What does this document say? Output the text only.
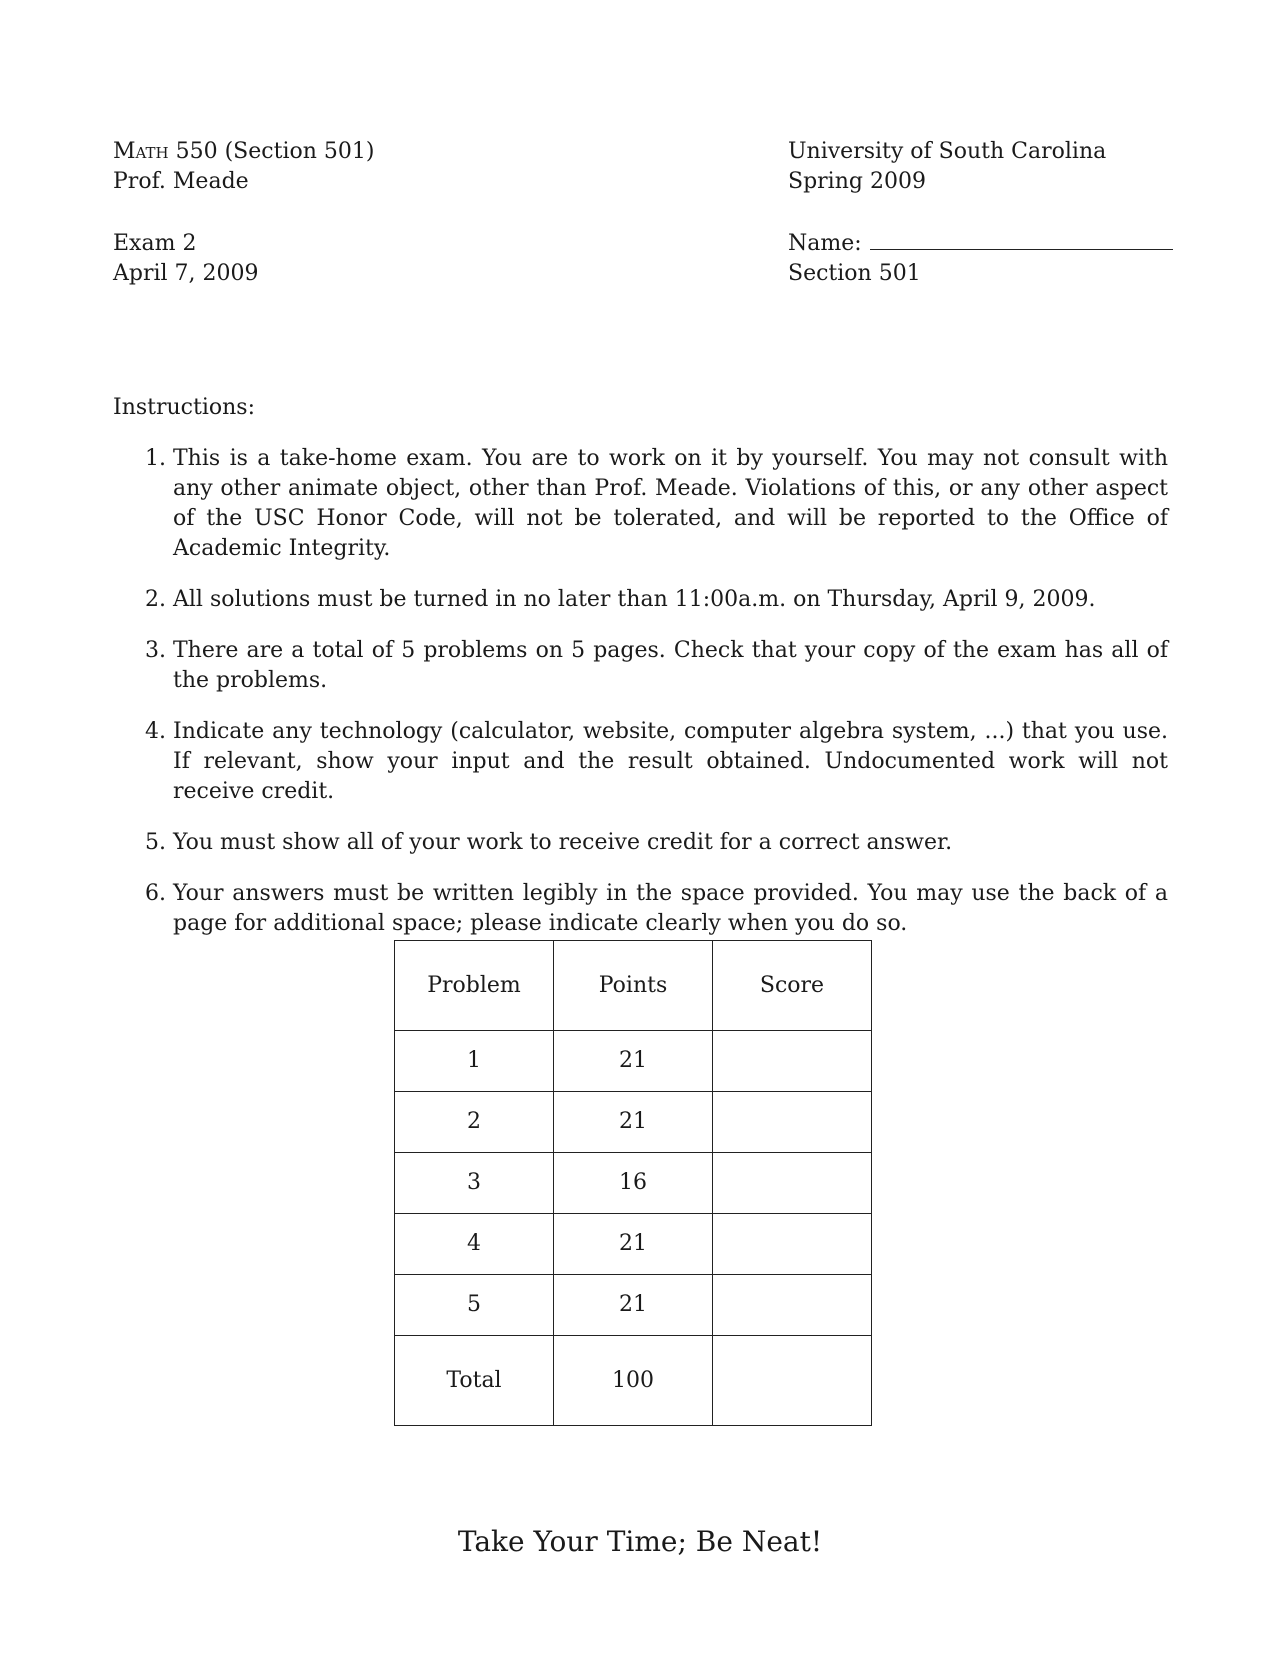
Math 550 (Section 501)
Prof. Meade
Exam 2
April 7, 2009
University of South Carolina
Spring 2009
Name:
Section 501
Instructions:
1. This is a take-home exam. You are to work on it by yourself. You may not consult with any other animate object, other than Prof. Meade. Violations of this, or any other aspect of the USC Honor Code, will not be tolerated, and will be reported to the Office of Academic Integrity.
2. All solutions must be turned in no later than 11:00a.m. on Thursday, April 9, 2009.
3. There are a total of 5 problems on 5 pages. Check that your copy of the exam has all of the problems.
4. Indicate any technology (calculator, website, computer algebra system, ...) that you use. If relevant, show your input and the result obtained. Undocumented work will not receive credit.
5. You must show all of your work to receive credit for a correct answer.
6. Your answers must be written legibly in the space provided. You may use the back of a page for additional space; please indicate clearly when you do so.
Problem	Points	Score
1	21	
2	21	
3	16	
4	21	
5	21	
Total	100	
Take Your Time; Be Neat!
